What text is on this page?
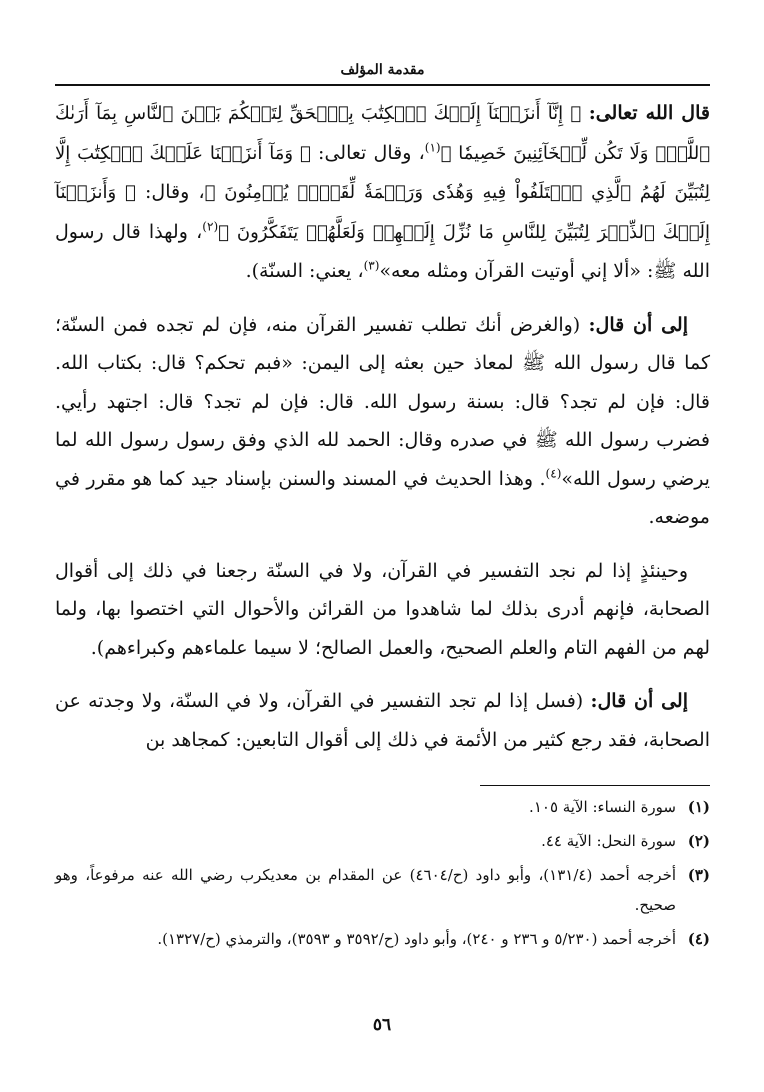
مقدمة المؤلف

قال الله تعالى: ﴿ إِنَّآ أَنزَلۡنَآ إِلَيۡكَ ٱلۡكِتَٰبَ بِٱلۡحَقِّ لِتَحۡكُمَ بَيۡنَ ٱلنَّاسِ بِمَآ أَرَىٰكَ ٱللَّهُۚ وَلَا تَكُن لِّلۡخَآئِنِينَ خَصِيمٗا ﴾$^{(١)}$، وقال تعالى: ﴿ وَمَآ أَنزَلۡنَا عَلَيۡكَ ٱلۡكِتَٰبَ إِلَّا لِتُبَيِّنَ لَهُمُ ٱلَّذِي ٱخۡتَلَفُواْ فِيهِ وَهُدٗى وَرَحۡمَةٗ لِّقَوۡمٖ يُؤۡمِنُونَ ﴾، وقال: ﴿ وَأَنزَلۡنَآ إِلَيۡكَ ٱلذِّكۡرَ لِتُبَيِّنَ لِلنَّاسِ مَا نُزِّلَ إِلَيۡهِمۡ وَلَعَلَّهُمۡ يَتَفَكَّرُونَ ﴾$^{(٢)}$، ولهذا قال رسول الله ﷺ: «ألا إني أوتيت القرآن ومثله معه»$^{(٣)}$، يعني: السنّة).

إلى أن قال: (والغرض أنك تطلب تفسير القرآن منه، فإن لم تجده فمن السنّة؛ كما قال رسول الله ﷺ لمعاذ حين بعثه إلى اليمن: «فبم تحكم؟ قال: بكتاب الله. قال: فإن لم تجد؟ قال: بسنة رسول الله. قال: فإن لم تجد؟ قال: اجتهد رأيي. فضرب رسول الله ﷺ في صدره وقال: الحمد لله الذي وفق رسول رسول الله لما يرضي رسول الله»$^{(٤)}$. وهذا الحديث في المسند والسنن بإسناد جيد كما هو مقرر في موضعه.

وحينئذٍ إذا لم نجد التفسير في القرآن، ولا في السنّة رجعنا في ذلك إلى أقوال الصحابة، فإنهم أدرى بذلك لما شاهدوا من القرائن والأحوال التي اختصوا بها، ولما لهم من الفهم التام والعلم الصحيح، والعمل الصالح؛ لا سيما علماءهم وكبراءهم).

إلى أن قال: (فسل إذا لم تجد التفسير في القرآن، ولا في السنّة، ولا وجدته عن الصحابة، فقد رجع كثير من الأئمة في ذلك إلى أقوال التابعين: كمجاهد بن

(١)
سورة النساء: الآية ١٠٥.
(٢)
سورة النحل: الآية ٤٤.
(٣)
أخرجه أحمد (١٣١/٤)، وأبو داود (ح/٤٦٠٤) عن المقدام بن معديكرب رضي الله عنه مرفوعاً، وهو صحيح.
(٤)
أخرجه أحمد (٥/٢٣٠ و ٢٣٦ و ٢٤٠)، وأبو داود (ح/٣٥٩٢ و ٣٥٩٣)، والترمذي (ح/١٣٢٧).
٥٦
